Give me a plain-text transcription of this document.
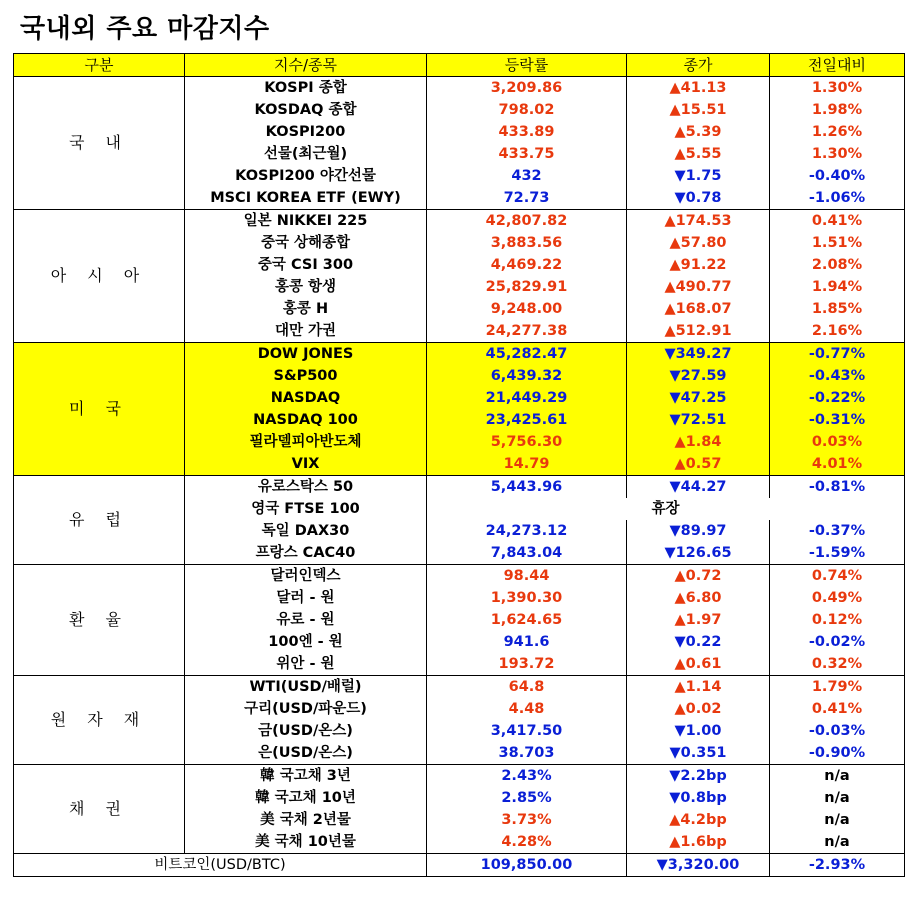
국내외 주요 마감지수
구분	지수/종목	등락률	종가	전일대비
국 내	KOSPI 종합	3,209.86	▲41.13	1.30%
	KOSDAQ 종합	798.02	▲15.51	1.98%
	KOSPI200	433.89	▲5.39	1.26%
	선물(최근월)	433.75	▲5.55	1.30%
	KOSPI200 야간선물	432	▼1.75	-0.40%
	MSCI KOREA ETF (EWY)	72.73	▼0.78	-1.06%
아 시 아	일본 NIKKEI 225	42,807.82	▲174.53	0.41%
	중국 상해종합	3,883.56	▲57.80	1.51%
	중국 CSI 300	4,469.22	▲91.22	2.08%
	홍콩 항생	25,829.91	▲490.77	1.94%
	홍콩 H	9,248.00	▲168.07	1.85%
	대만 가권	24,277.38	▲512.91	2.16%
미 국	DOW JONES	45,282.47	▼349.27	-0.77%
	S&P500	6,439.32	▼27.59	-0.43%
	NASDAQ	21,449.29	▼47.25	-0.22%
	NASDAQ 100	23,425.61	▼72.51	-0.31%
	필라델피아반도체	5,756.30	▲1.84	0.03%
	VIX	14.79	▲0.57	4.01%
유 럽	유로스탁스 50	5,443.96	▼44.27	-0.81%
	영국 FTSE 100	휴장		
	독일 DAX30	24,273.12	▼89.97	-0.37%
	프랑스 CAC40	7,843.04	▼126.65	-1.59%
환 율	달러인덱스	98.44	▲0.72	0.74%
	달러 - 원	1,390.30	▲6.80	0.49%
	유로 - 원	1,624.65	▲1.97	0.12%
	100엔 - 원	941.6	▼0.22	-0.02%
	위안 - 원	193.72	▲0.61	0.32%
원 자 재	WTI(USD/배럴)	64.8	▲1.14	1.79%
	구리(USD/파운드)	4.48	▲0.02	0.41%
	금(USD/온스)	3,417.50	▼1.00	-0.03%
	은(USD/온스)	38.703	▼0.351	-0.90%
채 권	韓 국고채 3년	2.43%	▼2.2bp	n/a
	韓 국고채 10년	2.85%	▼0.8bp	n/a
	美 국채 2년물	3.73%	▲4.2bp	n/a
	美 국채 10년물	4.28%	▲1.6bp	n/a
비트코인(USD/BTC)		109,850.00	▼3,320.00	-2.93%
